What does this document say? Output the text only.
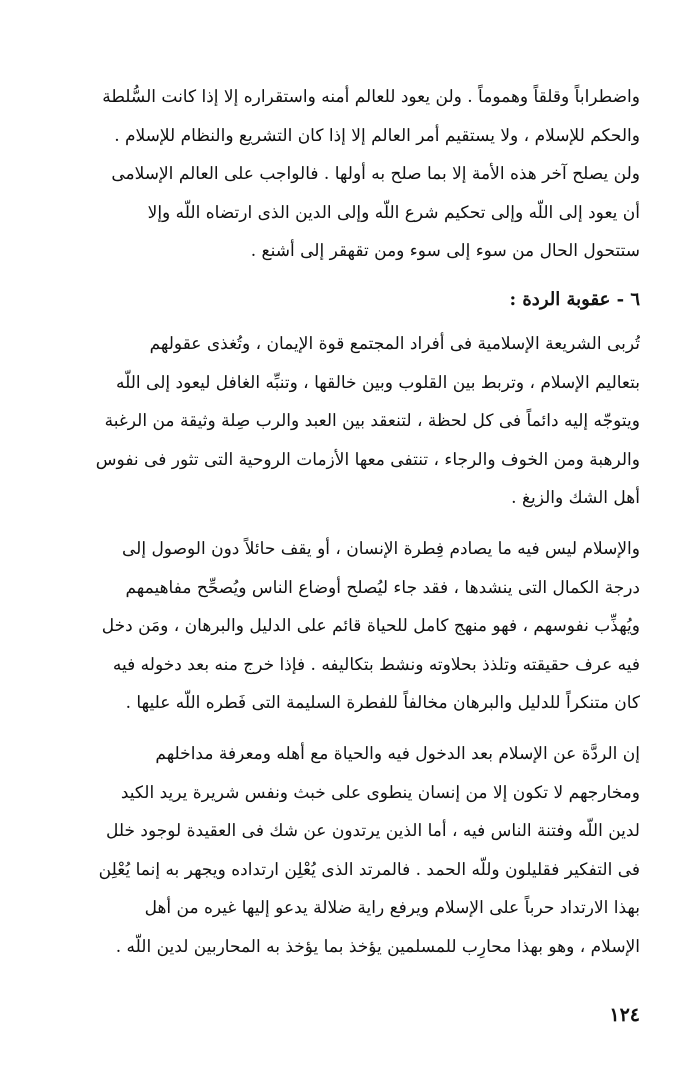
واضطراباً وقلقاً وهموماً . ولن يعود للعالم أمنه واستقراره إلا إذا كانت السُّلطة
والحكم للإسلام ، ولا يستقيم أمر العالم إلا إذا كان التشريع والنظام للإسلام .
ولن يصلح آخر هذه الأمة إلا بما صلح به أولها . فالواجب على العالم الإسلامى
أن يعود إلى اللّه وإلى تحكيم شرع اللّه وإلى الدين الذى ارتضاه اللّه وإلا
ستتحول الحال من سوء إلى سوء ومن تقهقر إلى أشنع .
٦ - عقوبة الردة :
تُربى الشريعة الإسلامية فى أفراد المجتمع قوة الإيمان ، وتُغذى عقولهم
بتعاليم الإسلام ، وتربط بين القلوب وبين خالقها ، وتنبِّه الغافل ليعود إلى اللّه
ويتوجّه إليه دائماً فى كل لحظة ، لتنعقد بين العبد والرب صِلة وثيقة من الرغبة
والرهبة ومن الخوف والرجاء ، تنتفى معها الأزمات الروحية التى تثور فى نفوس
أهل الشك والزيغ .
والإسلام ليس فيه ما يصادم فِطرة الإنسان ، أو يقف حائلاً دون الوصول إلى
درجة الكمال التى ينشدها ، فقد جاء ليُصلح أوضاع الناس ويُصحِّح مفاهيمهم
ويُهذِّب نفوسهم ، فهو منهج كامل للحياة قائم على الدليل والبرهان ، ومَن دخل
فيه عرف حقيقته وتلذذ بحلاوته ونشط بتكاليفه . فإذا خرج منه بعد دخوله فيه
كان متنكراً للدليل والبرهان مخالفاً للفطرة السليمة التى فَطره اللّه عليها .
إن الردَّة عن الإسلام بعد الدخول فيه والحياة مع أهله ومعرفة مداخلهم
ومخارجهم لا تكون إلا من إنسان ينطوى على خبث ونفس شريرة يريد الكيد
لدين اللّه وفتنة الناس فيه ، أما الذين يرتدون عن شك فى العقيدة لوجود خلل
فى التفكير فقليلون وللّه الحمد . فالمرتد الذى يُعْلِن ارتداده ويجهر به إنما يُعْلِن
بهذا الارتداد حرباً على الإسلام ويرفع راية ضلالة يدعو إليها غيره من أهل
الإسلام ، وهو بهذا محارِب للمسلمين يؤخذ بما يؤخذ به المحاربين لدين اللّه .
١٢٤
